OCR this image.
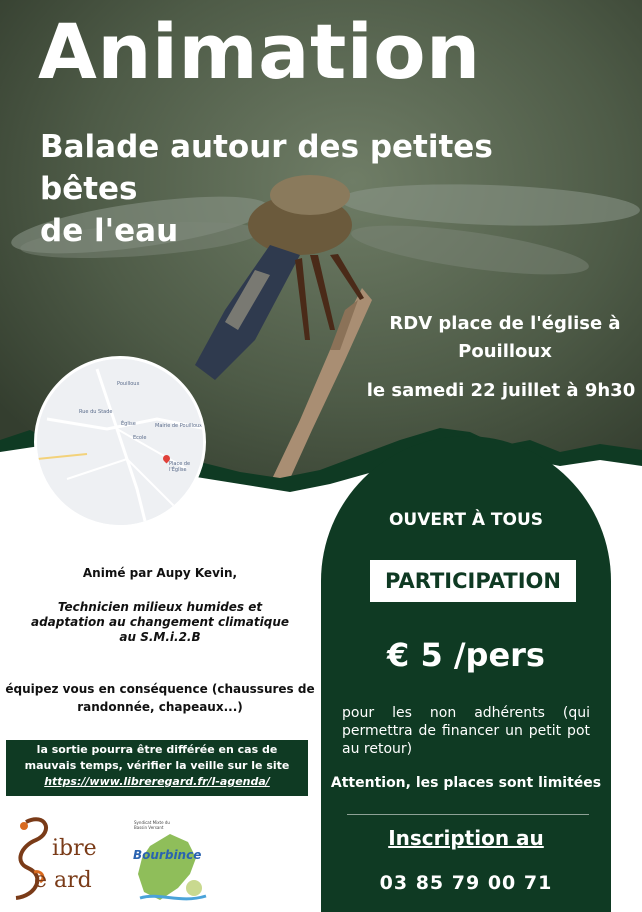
Animation
Balade autour des petites bêtes
de l'eau
RDV place de l'église à
Pouilloux
le samedi 22 juillet à 9h30
Pouilloux
Rue du Stade
Église	Mairie de Pouilloux
Ecole
Place de l'Église
OUVERT À TOUS
PARTICIPATION
€ 5 /pers
pour les non adhérents (qui permettra de financer un petit pot au retour)
Attention, les places sont limitées
Inscription au
03 85 79 00 71
Animé par Aupy Kevin,
Technicien milieux humides et
adaptation au changement climatique
au S.M.i.2.B
équipez vous en conséquence (chaussures de
randonnée, chapeaux...)
la sortie pourra être différée en cas de
mauvais temps, vérifier la veille sur le site
https://www.libreregard.fr/l-agenda/
ibre
e ard
Syndicat Mixte du Bassin Versant
Bourbince
